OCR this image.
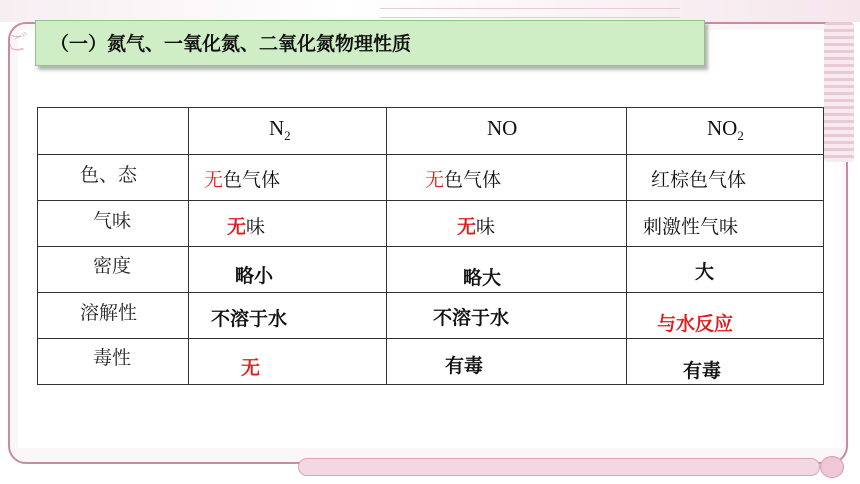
ご	（一）氮气、一氧化氮、二氧化氮物理性质

	$N_2$	NO	$NO_2$

色、态	无色气体	无色气体	红棕色气体

气味	无味	无味	刺激性气味

密度	略小	略大	大

溶解性	不溶于水	不溶于水	与水反应

毒性	无	有毒	有毒
